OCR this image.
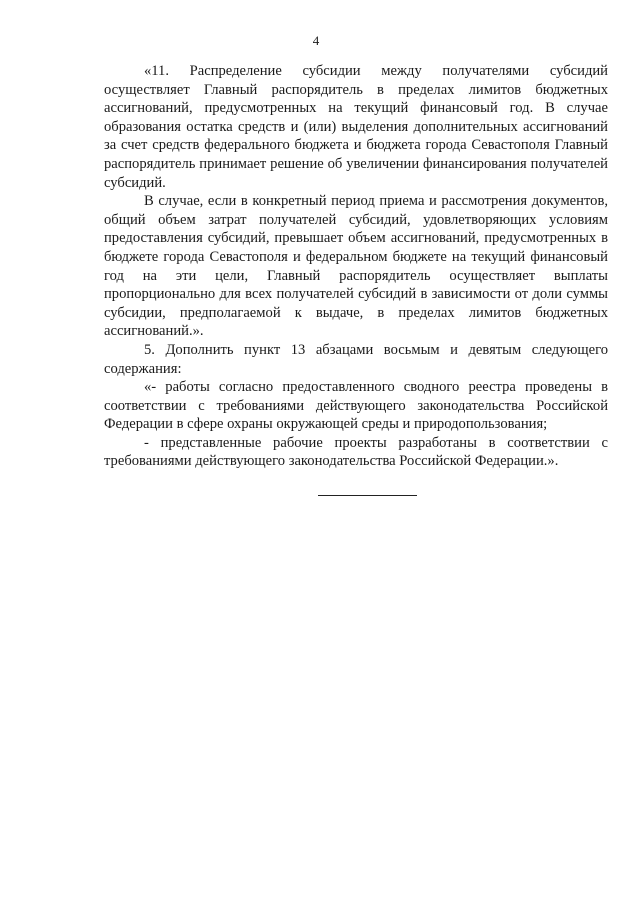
4

«11. Распределение субсидии между получателями субсидий осуществляет Главный распорядитель в пределах лимитов бюджетных ассигнований, предусмотренных на текущий финансовый год. В случае образования остатка средств и (или) выделения дополнительных ассигнований за счет средств федерального бюджета и бюджета города Севастополя Главный распорядитель принимает решение об увеличении финансирования получателей субсидий.

В случае, если в конкретный период приема и рассмотрения документов, общий объем затрат получателей субсидий, удовлетворяющих условиям предоставления субсидий, превышает объем ассигнований, предусмотренных в бюджете города Севастополя и федеральном бюджете на текущий финансовый год на эти цели, Главный распорядитель осуществляет выплаты пропорционально для всех получателей субсидий в зависимости от доли суммы субсидии, предполагаемой к выдаче, в пределах лимитов бюджетных ассигнований.».

5. Дополнить пункт 13 абзацами восьмым и девятым следующего содержания:

«- работы согласно предоставленного сводного реестра проведены в соответствии с требованиями действующего законодательства Российской Федерации в сфере охраны окружающей среды и природопользования;

- представленные рабочие проекты разработаны в соответствии с требованиями действующего законодательства Российской Федерации.».
